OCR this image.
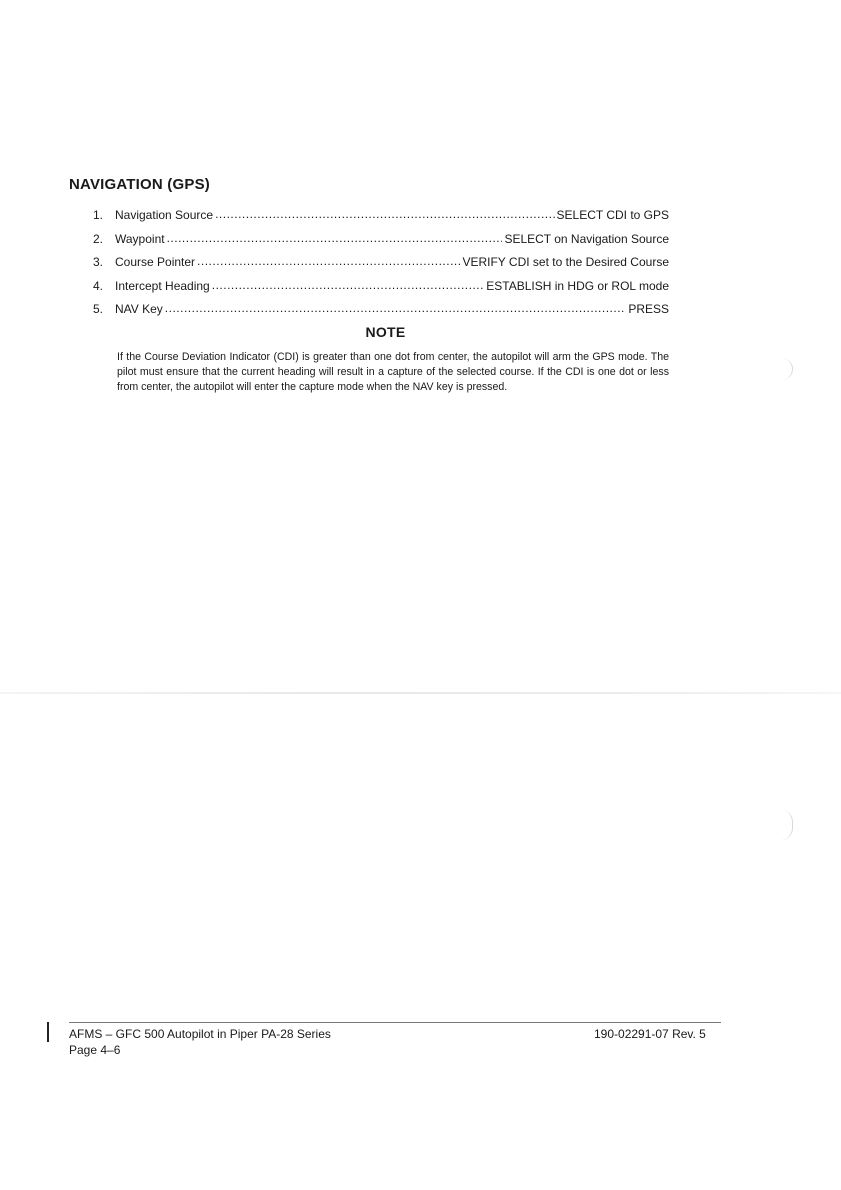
NAVIGATION (GPS)
1. Navigation Source .....	SELECT CDI to GPS
2. Waypoint .....	SELECT on Navigation Source
3. Course Pointer .....	VERIFY CDI set to the Desired Course
4. Intercept Heading .....	ESTABLISH in HDG or ROL mode
5. NAV Key .....	PRESS
NOTE
If the Course Deviation Indicator (CDI) is greater than one dot from center, the autopilot will arm the GPS mode. The pilot must ensure that the current heading will result in a capture of the selected course. If the CDI is one dot or less from center, the autopilot will enter the capture mode when the NAV key is pressed.
AFMS – GFC 500 Autopilot in Piper PA-28 Series
Page 4–6
190-02291-07 Rev. 5
